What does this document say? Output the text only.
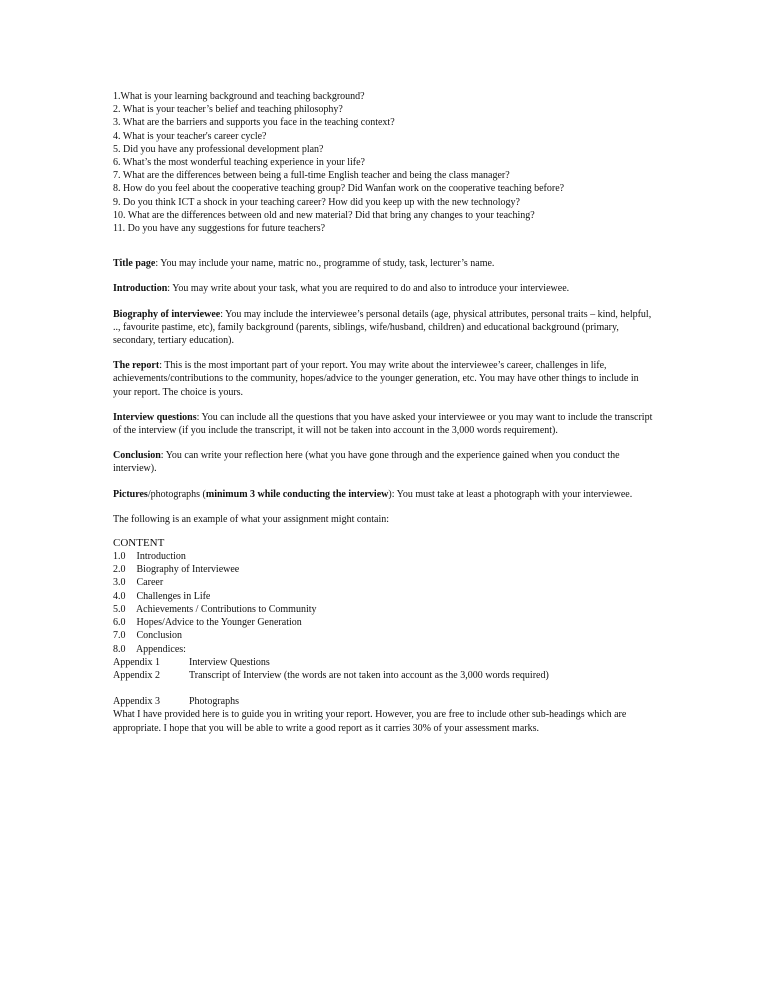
1.What is your learning background and teaching background?
2. What is your teacher’s belief and teaching philosophy?
3. What are the barriers and supports you face in the teaching context?
4. What is your teacher's career cycle?
5. Did you have any professional development plan?
6. What’s the most wonderful teaching experience in your life?
7. What are the differences between being a full-time English teacher and being the class manager?
8. How do you feel about the cooperative teaching group? Did Wanfan work on the cooperative teaching before?
9. Do you think ICT a shock in your teaching career? How did you keep up with the new technology?
10. What are the differences between old and new material? Did that bring any changes to your teaching?
11. Do you have any suggestions for future teachers?

Title page: You may include your name, matric no., programme of study, task, lecturer’s name.

Introduction: You may write about your task, what you are required to do and also to introduce your interviewee.

Biography of interviewee: You may include the interviewee’s personal details (age, physical attributes, personal traits – kind, helpful, .., favourite pastime, etc), family background (parents, siblings, wife/husband, children) and educational background (primary, secondary, tertiary education).

The report: This is the most important part of your report. You may write about the interviewee’s career, challenges in life, achievements/contributions to the community, hopes/advice to the younger generation, etc. You may have other things to include in your report. The choice is yours.

Interview questions: You can include all the questions that you have asked your interviewee or you may want to include the transcript of the interview (if you include the transcript, it will not be taken into account in the 3,000 words requirement).

Conclusion: You can write your reflection here (what you have gone through and the experience gained when you conduct the interview).

Pictures/photographs (minimum 3 while conducting the interview): You must take at least a photograph with your interviewee.

The following is an example of what your assignment might contain:

CONTENT
1.0 Introduction
2.0 Biography of Interviewee
3.0 Career
4.0 Challenges in Life
5.0 Achievements / Contributions to Community
6.0 Hopes/Advice to the Younger Generation
7.0 Conclusion
8.0 Appendices:
Appendix 1	Interview Questions
Appendix 2	Transcript of Interview (the words are not taken into account as the 3,000 words required)
Appendix 3	Photographs

What I have provided here is to guide you in writing your report. However, you are free to include other sub-headings which are appropriate. I hope that you will be able to write a good report as it carries 30% of your assessment marks.
